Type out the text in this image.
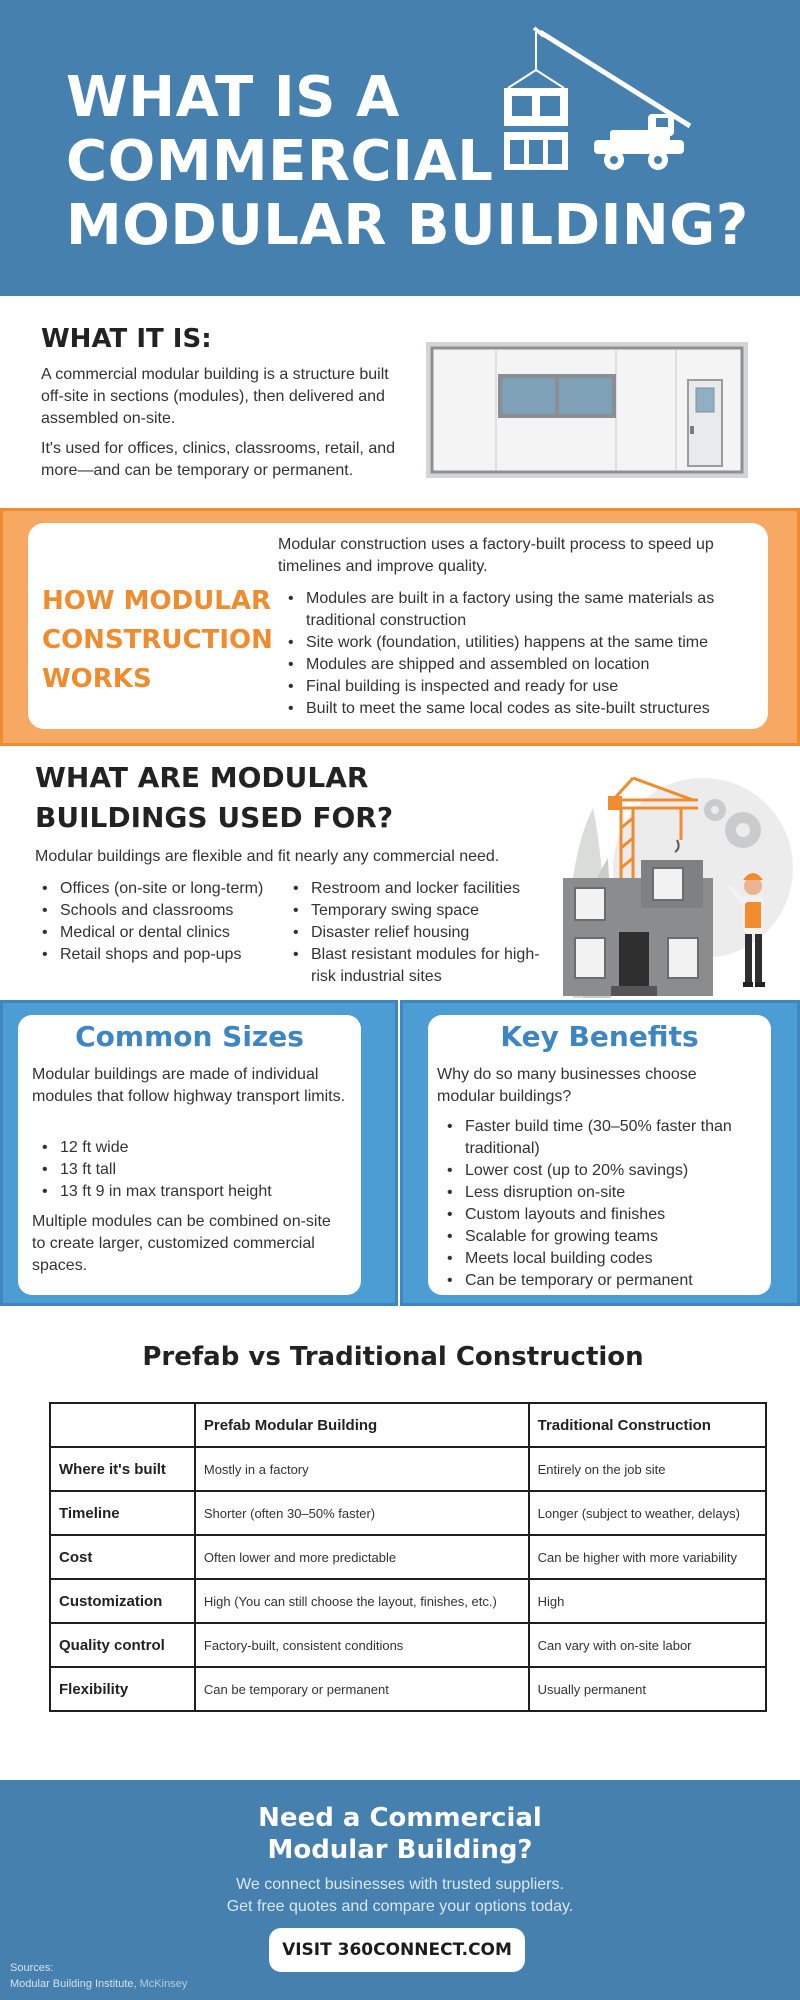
WHAT IS A
COMMERCIAL
MODULAR BUILDING?
WHAT IT IS:

A commercial modular building is a structure built off-site in sections (modules), then delivered and assembled on-site.

It's used for offices, clinics, classrooms, retail, and more—and can be temporary or permanent.

HOW MODULAR CONSTRUCTION WORKS

Modular construction uses a factory-built process to speed up timelines and improve quality.

• Modules are built in a factory using the same materials as traditional construction
• Site work (foundation, utilities) happens at the same time
• Modules are shipped and assembled on location
• Final building is inspected and ready for use
• Built to meet the same local codes as site-built structures
WHAT ARE MODULAR BUILDINGS USED FOR?

Modular buildings are flexible and fit nearly any commercial need.

• Offices (on-site or long-term)
• Schools and classrooms
• Medical or dental clinics
• Retail shops and pop-ups
• Restroom and locker facilities
• Temporary swing space
• Disaster relief housing
• Blast resistant modules for high-risk industrial sites
Common Sizes

Modular buildings are made of individual modules that follow highway transport limits.

• 12 ft wide
• 13 ft tall
• 13 ft 9 in max transport height

Multiple modules can be combined on-site to create larger, customized commercial spaces.

Key Benefits

Why do so many businesses choose modular buildings?

• Faster build time (30–50% faster than traditional)
• Lower cost (up to 20% savings)
• Less disruption on-site
• Custom layouts and finishes
• Scalable for growing teams
• Meets local building codes
• Can be temporary or permanent
Prefab vs Traditional Construction
	Prefab Modular Building	Traditional Construction
Where it's built	Mostly in a factory	Entirely on the job site
Timeline	Shorter (often 30–50% faster)	Longer (subject to weather, delays)
Cost	Often lower and more predictable	Can be higher with more variability
Customization	High (You can still choose the layout, finishes, etc.)	High
Quality control	Factory-built, consistent conditions	Can vary with on-site labor
Flexibility	Can be temporary or permanent	Usually permanent
Need a Commercial
Modular Building?
We connect businesses with trusted suppliers.
Get free quotes and compare your options today.
VISIT 360CONNECT.COM
Sources:
Modular Building Institute, McKinsey
